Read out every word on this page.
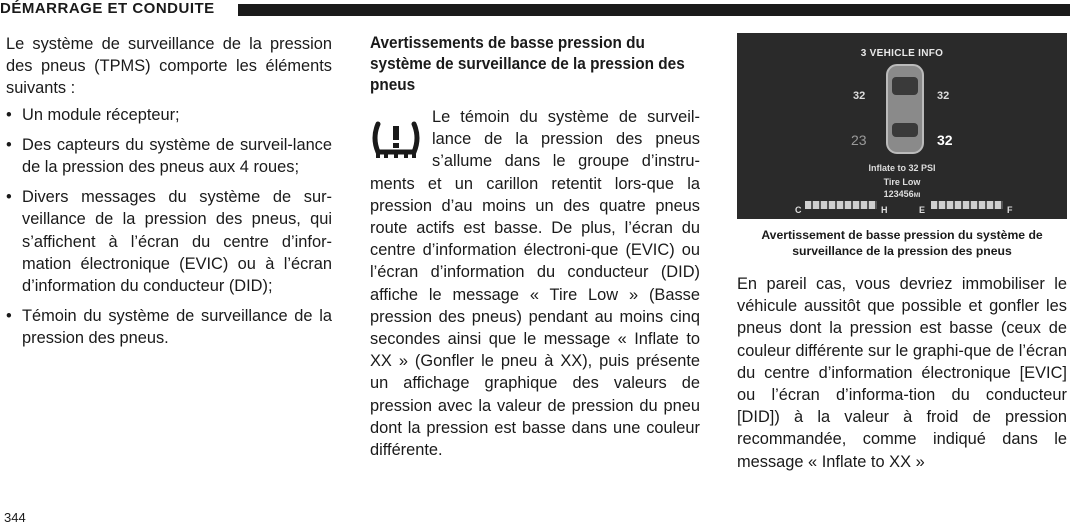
DÉMARRAGE ET CONDUITE

Le système de surveillance de la pression des pneus (TPMS) comporte les éléments suivants :

• Un module récepteur;
• Des capteurs du système de surveil-lance de la pression des pneus aux 4 roues;
• Divers messages du système de sur-veillance de la pression des pneus, qui s’affichent à l’écran du centre d’infor-mation électronique (EVIC) ou à l’écran d’information du conducteur (DID);
• Témoin du système de surveillance de la pression des pneus.
Avertissements de basse pression du système de surveillance de la pression des pneus

Le témoin du système de surveil-lance de la pression des pneus s’allume dans le groupe d’instru-ments et un carillon retentit lors-que la pression d’au moins un des quatre pneus route actifs est basse. De plus, l’écran du centre d’information électroni-que (EVIC) ou l’écran d’information du conducteur (DID) affiche le message « Tire Low » (Basse pression des pneus) pendant au moins cinq secondes ainsi que le message « Inflate to XX » (Gonfler le pneu à XX), puis présente un affichage graphique des valeurs de pression avec la valeur de pression du pneu dont la pression est basse dans une couleur différente.

3 VEHICLE INFO
32	32
23	32
Inflate to 32 PSI
Tire Low
123456MI
C	H	E	F
Avertissement de basse pression du système de surveillance de la pression des pneus

En pareil cas, vous devriez immobiliser le véhicule aussitôt que possible et gonfler les pneus dont la pression est basse (ceux de couleur différente sur le graphi-que de l’écran du centre d’information électronique [EVIC] ou l’écran d’informa-tion du conducteur [DID]) à la valeur à froid de pression recommandée, comme indiqué dans le message « Inflate to XX »

344
